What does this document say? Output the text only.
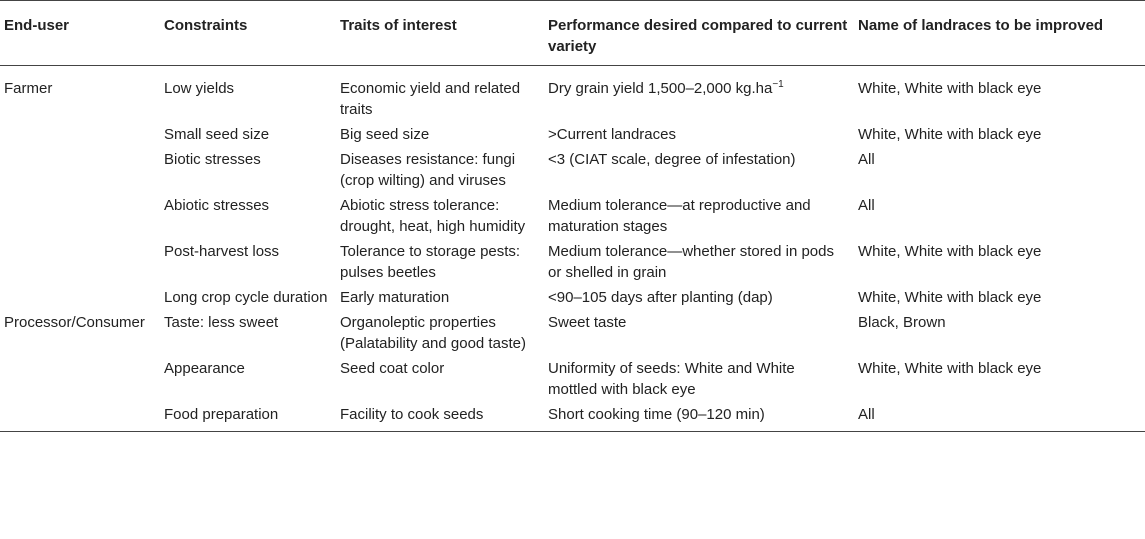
End-user	Constraints	Traits of interest	Performance desired compared to current variety	Name of landraces to be improved
Farmer	Low yields	Economic yield and related traits	Dry grain yield 1,500–2,000 $kg.ha^{-1}$	White, White with black eye
	Small seed size	Big seed size	>Current landraces	White, White with black eye
	Biotic stresses	Diseases resistance: fungi (crop wilting) and viruses	<3 (CIAT scale, degree of infestation)	All
	Abiotic stresses	Abiotic stress tolerance: drought, heat, high humidity	Medium tolerance—at reproductive and maturation stages	All
	Post-harvest loss	Tolerance to storage pests: pulses beetles	Medium tolerance—whether stored in pods or shelled in grain	White, White with black eye
	Long crop cycle duration	Early maturation	<90–105 days after planting (dap)	White, White with black eye
Processor/Consumer	Taste: less sweet	Organoleptic properties (Palatability and good taste)	Sweet taste	Black, Brown
	Appearance	Seed coat color	Uniformity of seeds: White and White mottled with black eye	White, White with black eye
	Food preparation	Facility to cook seeds	Short cooking time (90–120 min)	All
